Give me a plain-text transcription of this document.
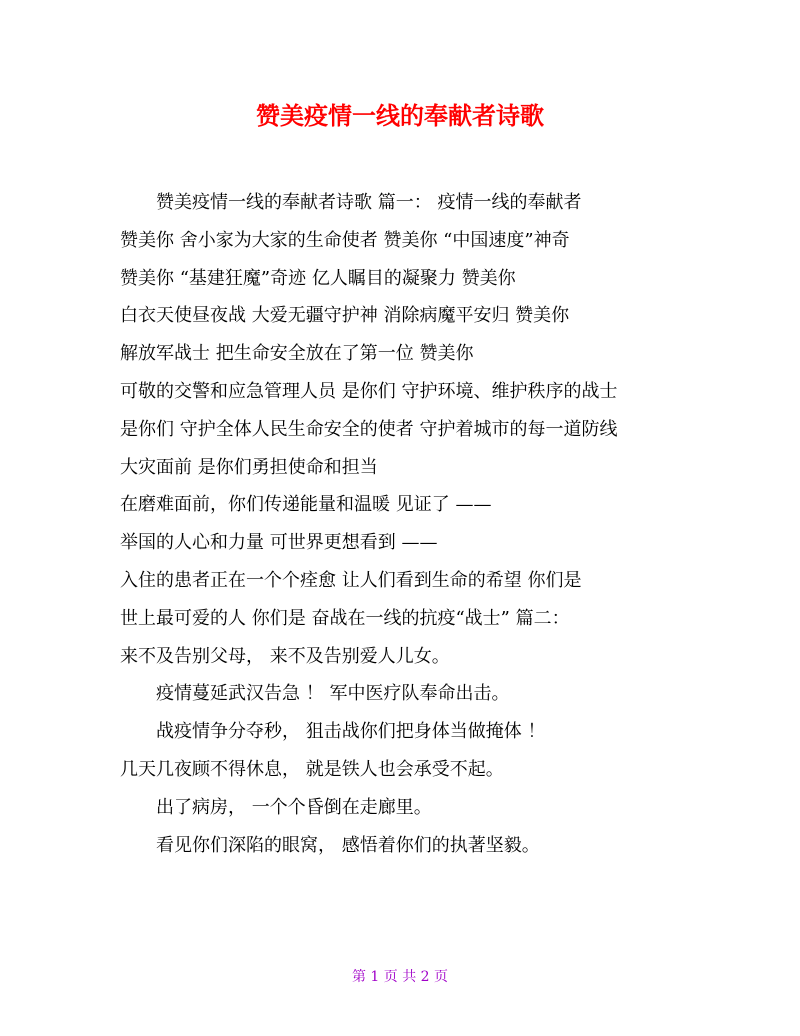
赞美疫情一线的奉献者诗歌
赞美疫情一线的奉献者诗歌 篇一： 疫情一线的奉献者
赞美你 舍小家为大家的生命使者 赞美你 “中国速度”神奇
赞美你 “基建狂魔”奇迹 亿人瞩目的凝聚力 赞美你
白衣天使昼夜战 大爱无疆守护神 消除病魔平安归 赞美你
解放军战士 把生命安全放在了第一位 赞美你
可敬的交警和应急管理人员 是你们 守护环境、维护秩序的战士
是你们 守护全体人民生命安全的使者 守护着城市的每一道防线
大灾面前 是你们勇担使命和担当
在磨难面前，你们传递能量和温暖 见证了 ——
举国的人心和力量 可世界更想看到 ——
入住的患者正在一个个痊愈 让人们看到生命的希望 你们是
世上最可爱的人 你们是 奋战在一线的抗疫“战士” 篇二：
来不及告别父母， 来不及告别爱人儿女。
疫情蔓延武汉告急 ！ 军中医疗队奉命出击。
战疫情争分夺秒， 狙击战你们把身体当做掩体 ！
几天几夜顾不得休息， 就是铁人也会承受不起。
出了病房， 一个个昏倒在走廊里。
看见你们深陷的眼窝， 感悟着你们的执著坚毅。
第 1 页 共 2 页
